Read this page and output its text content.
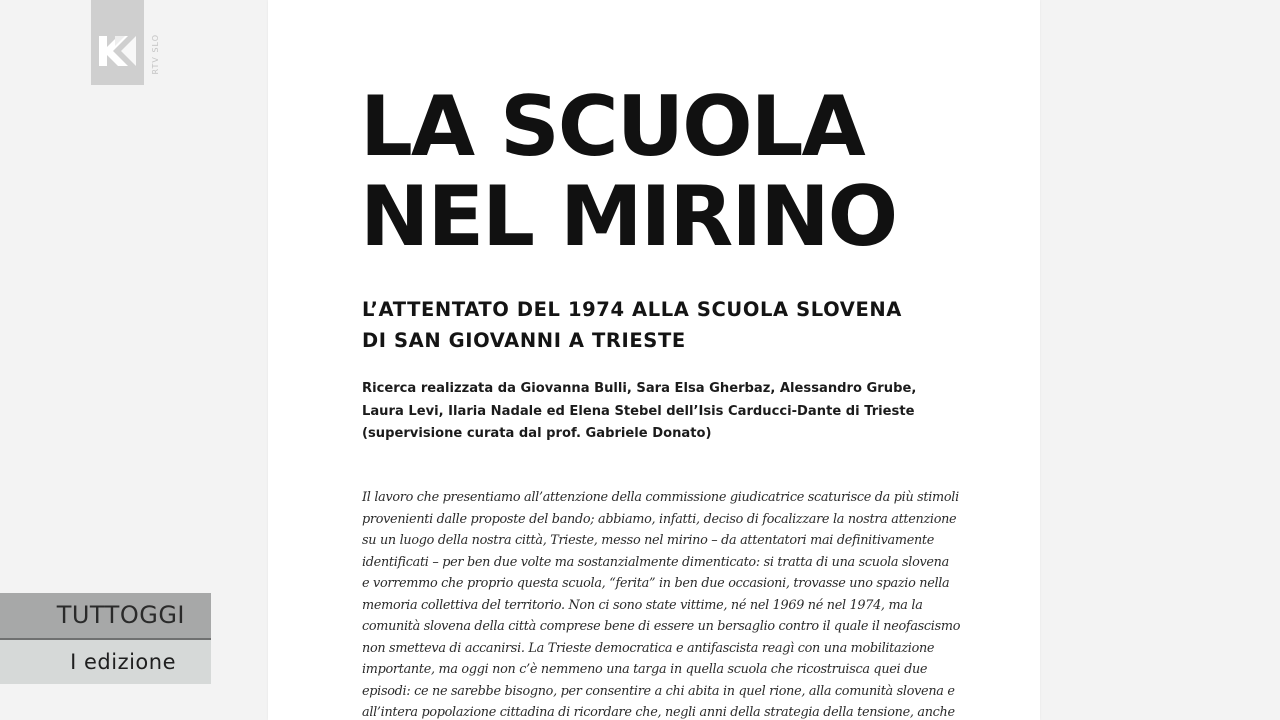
LA SCUOLA
NEL MIRINO
L’ATTENTATO DEL 1974 ALLA SCUOLA SLOVENA
DI SAN GIOVANNI A TRIESTE

Ricerca realizzata da Giovanna Bulli, Sara Elsa Gherbaz, Alessandro Grube,
Laura Levi, Ilaria Nadale ed Elena Stebel dell’Isis Carducci-Dante di Trieste
(supervisione curata dal prof. Gabriele Donato)

Il lavoro che presentiamo all’attenzione della commissione giudicatrice scaturisce da più stimoli
provenienti dalle proposte del bando; abbiamo, infatti, deciso di focalizzare la nostra attenzione
su un luogo della nostra città, Trieste, messo nel mirino – da attentatori mai definitivamente
identificati – per ben due volte ma sostanzialmente dimenticato: si tratta di una scuola slovena
e vorremmo che proprio questa scuola, “ferita” in ben due occasioni, trovasse uno spazio nella
memoria collettiva del territorio. Non ci sono state vittime, né nel 1969 né nel 1974, ma la
comunità slovena della città comprese bene di essere un bersaglio contro il quale il neofascismo
non smetteva di accanirsi. La Trieste democratica e antifascista reagì con una mobilitazione
importante, ma oggi non c’è nemmeno una targa in quella scuola che ricostruisca quei due
episodi: ce ne sarebbe bisogno, per consentire a chi abita in quel rione, alla comunità slovena e
all’intera popolazione cittadina di ricordare che, negli anni della strategia della tensione, anche

RTV SLO
TUTTOGGI
I edizione
